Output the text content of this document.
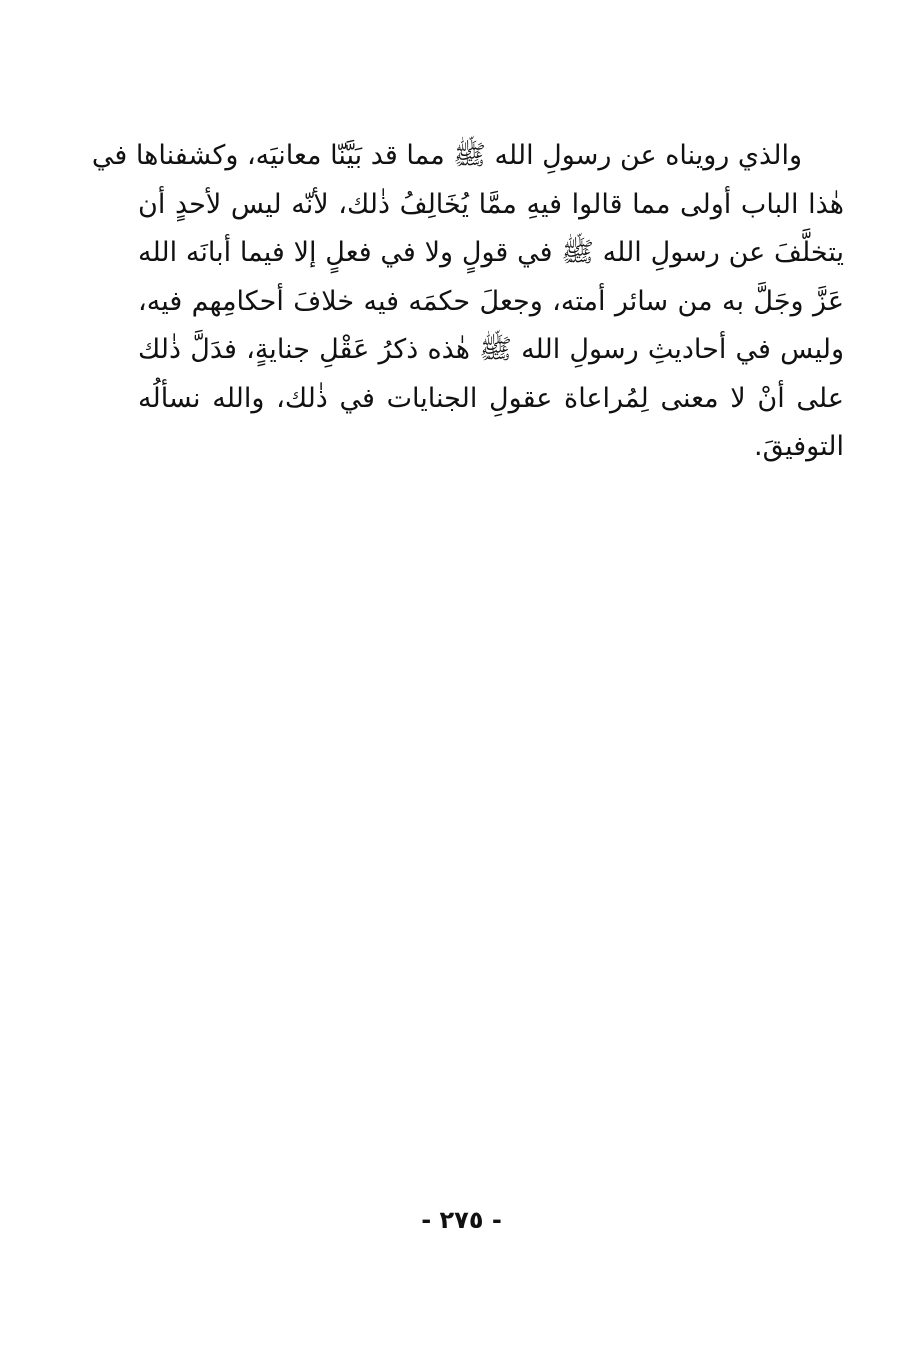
والذي رويناه عن رسولِ الله ﷺ مما قد بَيَّنّا معانيَه، وكشفناها في
هٰذا الباب أولى مما قالوا فيهِ ممَّا يُخَالِفُ ذٰلك، لأنّه ليس لأحدٍ أن
يتخلَّفَ عن رسولِ الله ﷺ في قولٍ ولا في فعلٍ إلا فيما أبانَه الله
عَزَّ وجَلَّ به من سائر أمته، وجعلَ حكمَه فيه خلافَ أحكامِهم فيه،
وليس في أحاديثِ رسولِ الله ﷺ هٰذه ذكرُ عَقْلِ جنايةٍ، فدَلَّ ذٰلك
على أنْ لا معنى لِمُراعاة عقولِ الجنايات في ذٰلك، والله نسألُه
التوفيقَ.
- ٢٧٥ -
